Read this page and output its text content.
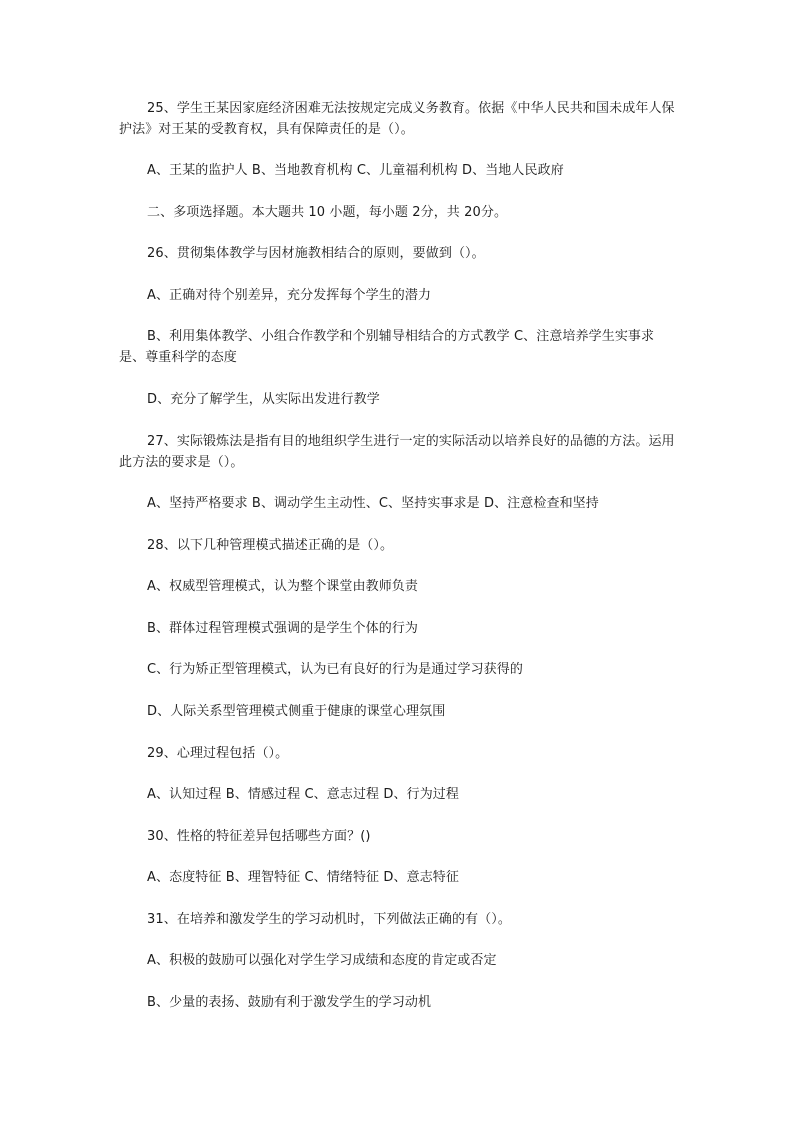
25、学生王某因家庭经济困难无法按规定完成义务教育。依据《中华人民共和国未成年人保护法》对王某的受教育权，具有保障责任的是（）。

A、王某的监护人 B、当地教育机构 C、儿童福利机构 D、当地人民政府

二、多项选择题。本大题共 10 小题，每小题 2分，共 20分。

26、贯彻集体教学与因材施教相结合的原则，要做到（）。

A、正确对待个别差异，充分发挥每个学生的潜力

B、利用集体教学、小组合作教学和个别辅导相结合的方式教学 C、注意培养学生实事求是、尊重科学的态度

D、充分了解学生，从实际出发进行教学

27、实际锻炼法是指有目的地组织学生进行一定的实际活动以培养良好的品德的方法。运用此方法的要求是（）。

A、坚持严格要求 B、调动学生主动性、C、坚持实事求是 D、注意检查和坚持

28、以下几种管理模式描述正确的是（）。

A、权威型管理模式，认为整个课堂由教师负责

B、群体过程管理模式强调的是学生个体的行为

C、行为矫正型管理模式，认为已有良好的行为是通过学习获得的

D、人际关系型管理模式侧重于健康的课堂心理氛围

29、心理过程包括（）。

A、认知过程 B、情感过程 C、意志过程 D、行为过程

30、性格的特征差异包括哪些方面？()

A、态度特征 B、理智特征 C、情绪特征 D、意志特征

31、在培养和激发学生的学习动机时，下列做法正确的有（）。

A、积极的鼓励可以强化对学生学习成绩和态度的肯定或否定

B、少量的表扬、鼓励有利于激发学生的学习动机
